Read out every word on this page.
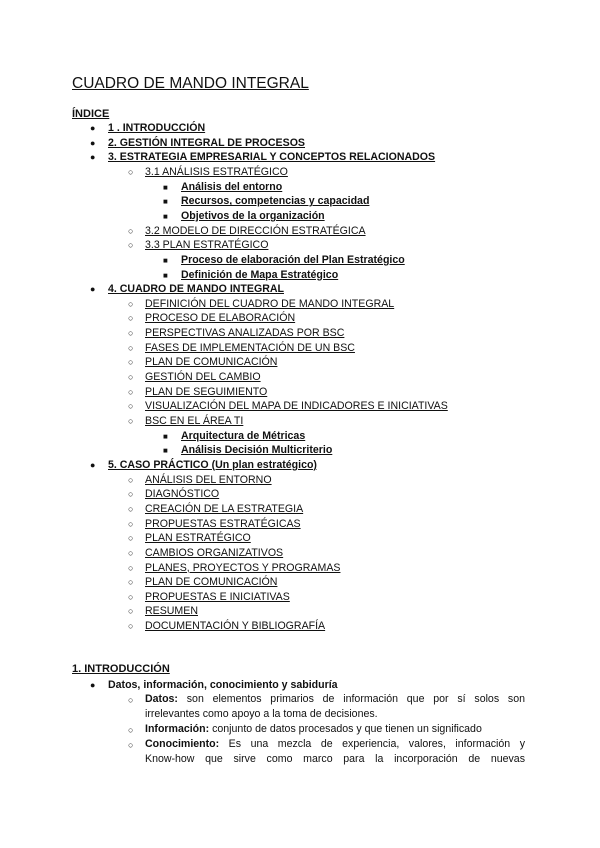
CUADRO DE MANDO INTEGRAL
ÍNDICE
● 1 . INTRODUCCIÓN
● 2. GESTIÓN INTEGRAL DE PROCESOS
● 3. ESTRATEGIA EMPRESARIAL Y CONCEPTOS RELACIONADOS
○ 3.1 ANÁLISIS ESTRATÉGICO
■ Análisis del entorno
■ Recursos, competencias y capacidad
■ Objetivos de la organización
○ 3.2 MODELO DE DIRECCIÓN ESTRATÉGICA
○ 3.3 PLAN ESTRATÉGICO
■ Proceso de elaboración del Plan Estratégico
■ Definición de Mapa Estratégico
● 4. CUADRO DE MANDO INTEGRAL
○ DEFINICIÓN DEL CUADRO DE MANDO INTEGRAL
○ PROCESO DE ELABORACIÓN
○ PERSPECTIVAS ANALIZADAS POR BSC
○ FASES DE IMPLEMENTACIÓN DE UN BSC
○ PLAN DE COMUNICACIÓN
○ GESTIÓN DEL CAMBIO
○ PLAN DE SEGUIMIENTO
○ VISUALIZACIÓN DEL MAPA DE INDICADORES E INICIATIVAS
○ BSC EN EL ÁREA TI
■ Arquitectura de Métricas
■ Análisis Decisión Multicriterio
● 5. CASO PRÁCTICO (Un plan estratégico)
○ ANÁLISIS DEL ENTORNO
○ DIAGNÓSTICO
○ CREACIÓN DE LA ESTRATEGIA
○ PROPUESTAS ESTRATÉGICAS
○ PLAN ESTRATÉGICO
○ CAMBIOS ORGANIZATIVOS
○ PLANES, PROYECTOS Y PROGRAMAS
○ PLAN DE COMUNICACIÓN
○ PROPUESTAS E INICIATIVAS
○ RESUMEN
○ DOCUMENTACIÓN Y BIBLIOGRAFÍA
1. INTRODUCCIÓN
● Datos, información, conocimiento y sabiduría
○ Datos: son elementos primarios de información que por sí solos son
irrelevantes como apoyo a la toma de decisiones.
○ Información: conjunto de datos procesados y que tienen un significado
○ Conocimiento: Es una mezcla de experiencia, valores, información y
Know-how que sirve como marco para la incorporación de nuevas
